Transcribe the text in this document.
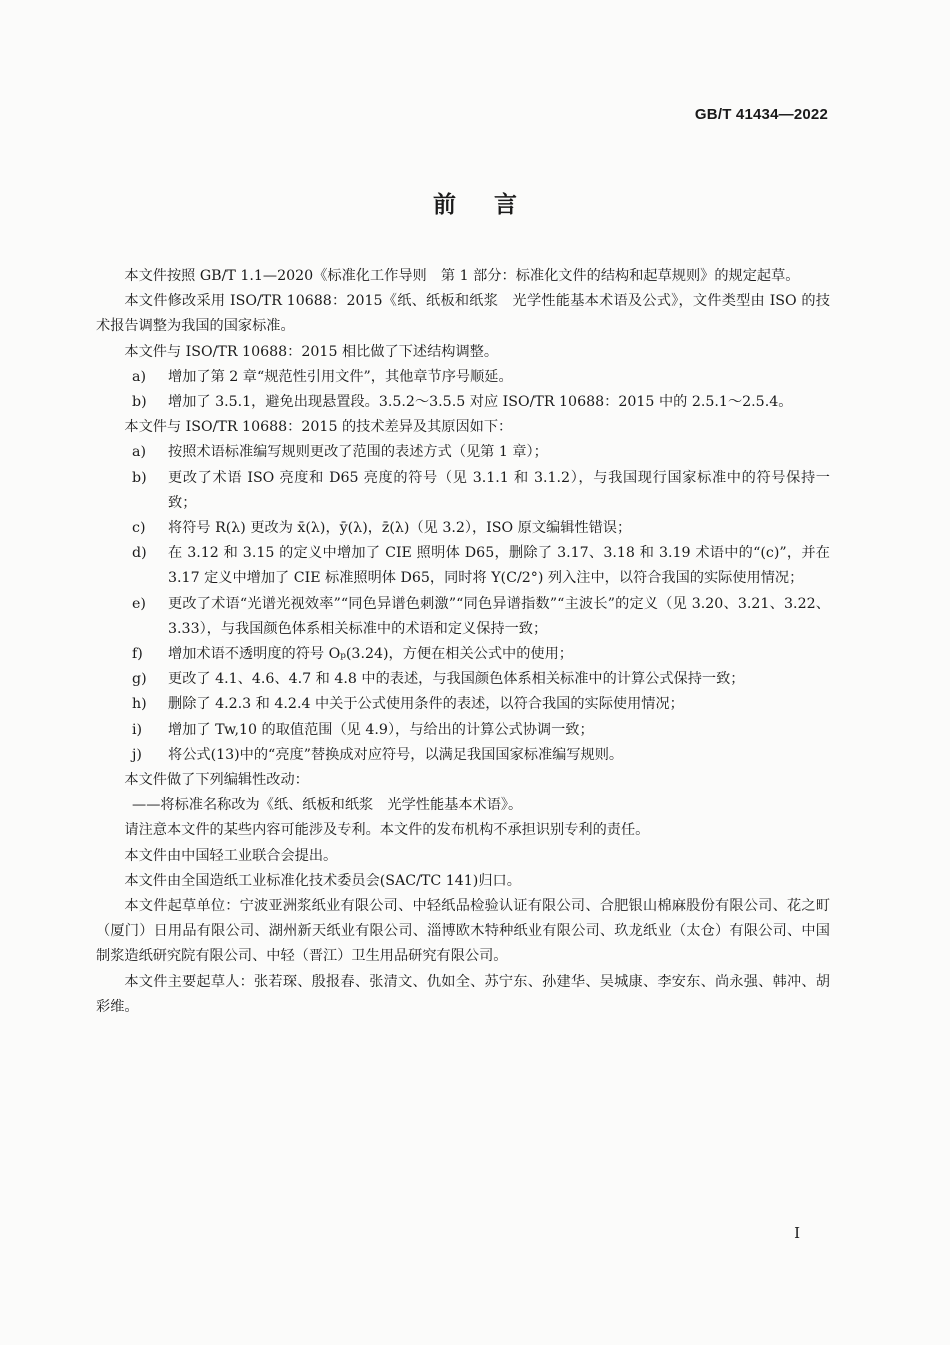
GB/T 41434—2022
前言

本文件按照 GB/T 1.1—2020《标准化工作导则　第 1 部分：标准化文件的结构和起草规则》的规定起草。

本文件修改采用 ISO/TR 10688：2015《纸、纸板和纸浆　光学性能基本术语及公式》，文件类型由 ISO 的技术报告调整为我国的国家标准。

本文件与 ISO/TR 10688：2015 相比做了下述结构调整。

a)	增加了第 2 章“规范性引用文件”，其他章节序号顺延。
b)	增加了 3.5.1，避免出现悬置段。3.5.2～3.5.5 对应 ISO/TR 10688：2015 中的 2.5.1～2.5.4。

本文件与 ISO/TR 10688：2015 的技术差异及其原因如下：

a)	按照术语标准编写规则更改了范围的表述方式（见第 1 章）；
b)	更改了术语 ISO 亮度和 D65 亮度的符号（见 3.1.1 和 3.1.2），与我国现行国家标准中的符号保持一致；
c)	将符号 R(λ) 更改为 x̄(λ)，ȳ(λ)，z̄(λ)（见 3.2），ISO 原文编辑性错误；
d)	在 3.12 和 3.15 的定义中增加了 CIE 照明体 D65，删除了 3.17、3.18 和 3.19 术语中的“(c)”，并在 3.17 定义中增加了 CIE 标准照明体 D65，同时将 Y(C/2°) 列入注中，以符合我国的实际使用情况；
e)	更改了术语“光谱光视效率”“同色异谱色刺激”“同色异谱指数”“主波长”的定义（见 3.20、3.21、3.22、3.33），与我国颜色体系相关标准中的术语和定义保持一致；
f)	增加术语不透明度的符号 Oₚ(3.24)，方便在相关公式中的使用；
g)	更改了 4.1、4.6、4.7 和 4.8 中的表述，与我国颜色体系相关标准中的计算公式保持一致；
h)	删除了 4.2.3 和 4.2.4 中关于公式使用条件的表述，以符合我国的实际使用情况；
i)	增加了 Tw,10 的取值范围（见 4.9），与给出的计算公式协调一致；
j)	将公式(13)中的“亮度”替换成对应符号，以满足我国国家标准编写规则。

本文件做了下列编辑性改动：

——将标准名称改为《纸、纸板和纸浆　光学性能基本术语》。

请注意本文件的某些内容可能涉及专利。本文件的发布机构不承担识别专利的责任。

本文件由中国轻工业联合会提出。

本文件由全国造纸工业标准化技术委员会(SAC/TC 141)归口。

本文件起草单位：宁波亚洲浆纸业有限公司、中轻纸品检验认证有限公司、合肥银山棉麻股份有限公司、花之町（厦门）日用品有限公司、湖州新天纸业有限公司、淄博欧木特种纸业有限公司、玖龙纸业（太仓）有限公司、中国制浆造纸研究院有限公司、中轻（晋江）卫生用品研究有限公司。

本文件主要起草人：张若琛、殷报春、张清文、仇如全、苏宁东、孙建华、吴城康、李安东、尚永强、韩冲、胡彩维。

I
